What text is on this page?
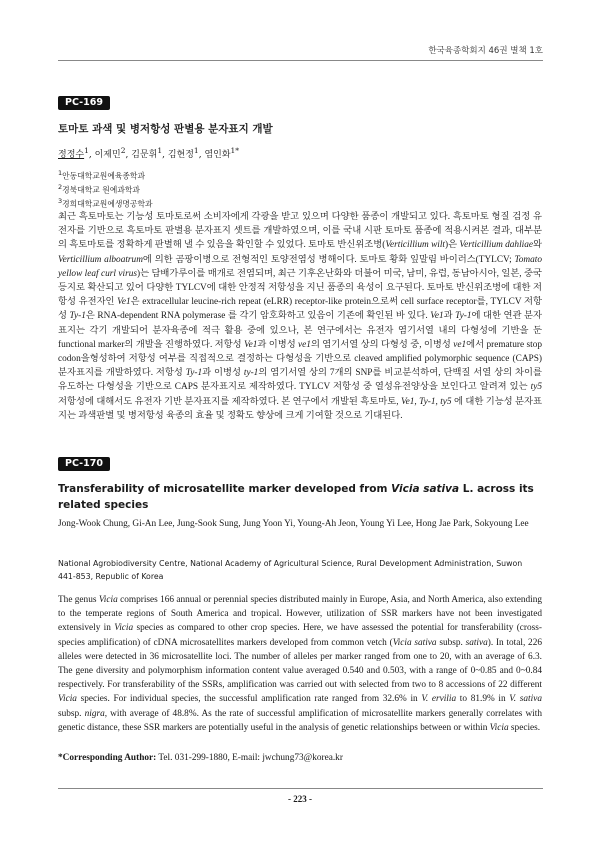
한국육종학회지 46권 별책 1호
PC-169
토마토 과색 및 병저항성 판별용 분자표지 개발
정정수$^1$, 이제민$^2$, 김문휘$^1$, 김현정$^1$, 염인화$^{1*}$
$^1$안동대학교원예육종학과
$^2$경북대학교 원예과학과
$^3$경희대학교원예생명공학과

최근 흑토마토는 기능성 토마토로써 소비자에게 각광을 받고 있으며 다양한 품종이 개발되고 있다. 흑토마토 형질 검정 유전자를 기반으로 흑토마토 판별용 분자표지 셋트를 개발하였으며, 이를 국내 시판 토마토 품종에 적용시켜본 결과, 대부분의 흑토마토를 정확하게 판별해 낼 수 있음을 확인할 수 있었다. 토마토 반신위조병(Verticillium wilt)은 Verticillium dahliae와 Verticillium alboatrum에 의한 곰팡이병으로 전형적인 토양전염성 병해이다. 토마토 황화 잎말림 바이러스(TYLCV; Tomato yellow leaf curl virus)는 담배가루이를 매개로 전염되며, 최근 기후온난화와 더불어 미국, 남미, 유럽, 동남아시아, 일본, 중국 등지로 확산되고 있어 다양한 TYLCV에 대한 안정적 저항성을 지닌 품종의 육성이 요구된다. 토마토 반신위조병에 대한 저항성 유전자인 Ve1은 extracellular leucine-rich repeat (eLRR) receptor-like protein으로써 cell surface receptor를, TYLCV 저항성 Ty-1은 RNA-dependent RNA polymerase 를 각기 암호화하고 있음이 기존에 확인된 바 있다. Ve1과 Ty-1에 대한 연관 분자표지는 각기 개발되어 분자육종에 적극 활용 중에 있으나, 본 연구에서는 유전자 염기서열 내의 다형성에 기반을 둔 functional marker의 개발을 진행하였다. 저항성 Ve1과 이병성 ve1의 염기서열 상의 다형성 중, 이병성 ve1에서 premature stop codon을형성하여 저항성 여부를 직접적으로 결정하는 다형성을 기반으로 cleaved amplified polymorphic sequence (CAPS) 분자표지를 개발하였다. 저항성 Ty-1과 이병성 ty-1의 염기서열 상의 7개의 SNP를 비교분석하여, 단백질 서열 상의 차이를 유도하는 다형성을 기반으로 CAPS 분자표지로 제작하였다. TYLCV 저항성 중 열성유전양상을 보인다고 알려져 있는 ty5저항성에 대해서도 유전자 기반 분자표지를 제작하였다. 본 연구에서 개발된 흑토마토, Ve1, Ty-1, ty5 에 대한 기능성 분자표지는 과색판별 및 병저항성 육종의 효율 및 정확도 향상에 크게 기여할 것으로 기대된다.

PC-170
Transferability of microsatellite marker developed from Vicia sativa L. across its related species
Jong-Wook Chung, Gi-An Lee, Jung-Sook Sung, Jung Yoon Yi, Young-Ah Jeon, Young Yi Lee, Hong Jae Park, Sokyoung Lee
National Agrobiodiversity Centre, National Academy of Agricultural Science, Rural Development Administration, Suwon 441-853, Republic of Korea

The genus Vicia comprises 166 annual or perennial species distributed mainly in Europe, Asia, and North America, also extending to the temperate regions of South America and tropical. However, utilization of SSR markers have not been investigated extensively in Vicia species as compared to other crop species. Here, we have assessed the potential for transferability (cross-species amplification) of cDNA microsatellites markers developed from common vetch (Vicia sativa subsp. sativa). In total, 226 alleles were detected in 36 microsatellite loci. The number of alleles per marker ranged from one to 20, with an average of 6.3. The gene diversity and polymorphism information content value averaged 0.540 and 0.503, with a range of 0~0.85 and 0~0.84 respectively. For transferability of the SSRs, amplification was carried out with selected from two to 8 accessions of 22 different Vicia species. For individual species, the successful amplification rate ranged from 32.6% in V. ervilia to 81.9% in V. sativa subsp. nigra, with average of 48.8%. As the rate of successful amplification of microsatellite markers generally correlates with genetic distance, these SSR markers are potentially useful in the analysis of genetic relationships between or within Vicia species.

*Corresponding Author: Tel. 031-299-1880, E-mail: jwchung73@korea.kr
- 223 -
